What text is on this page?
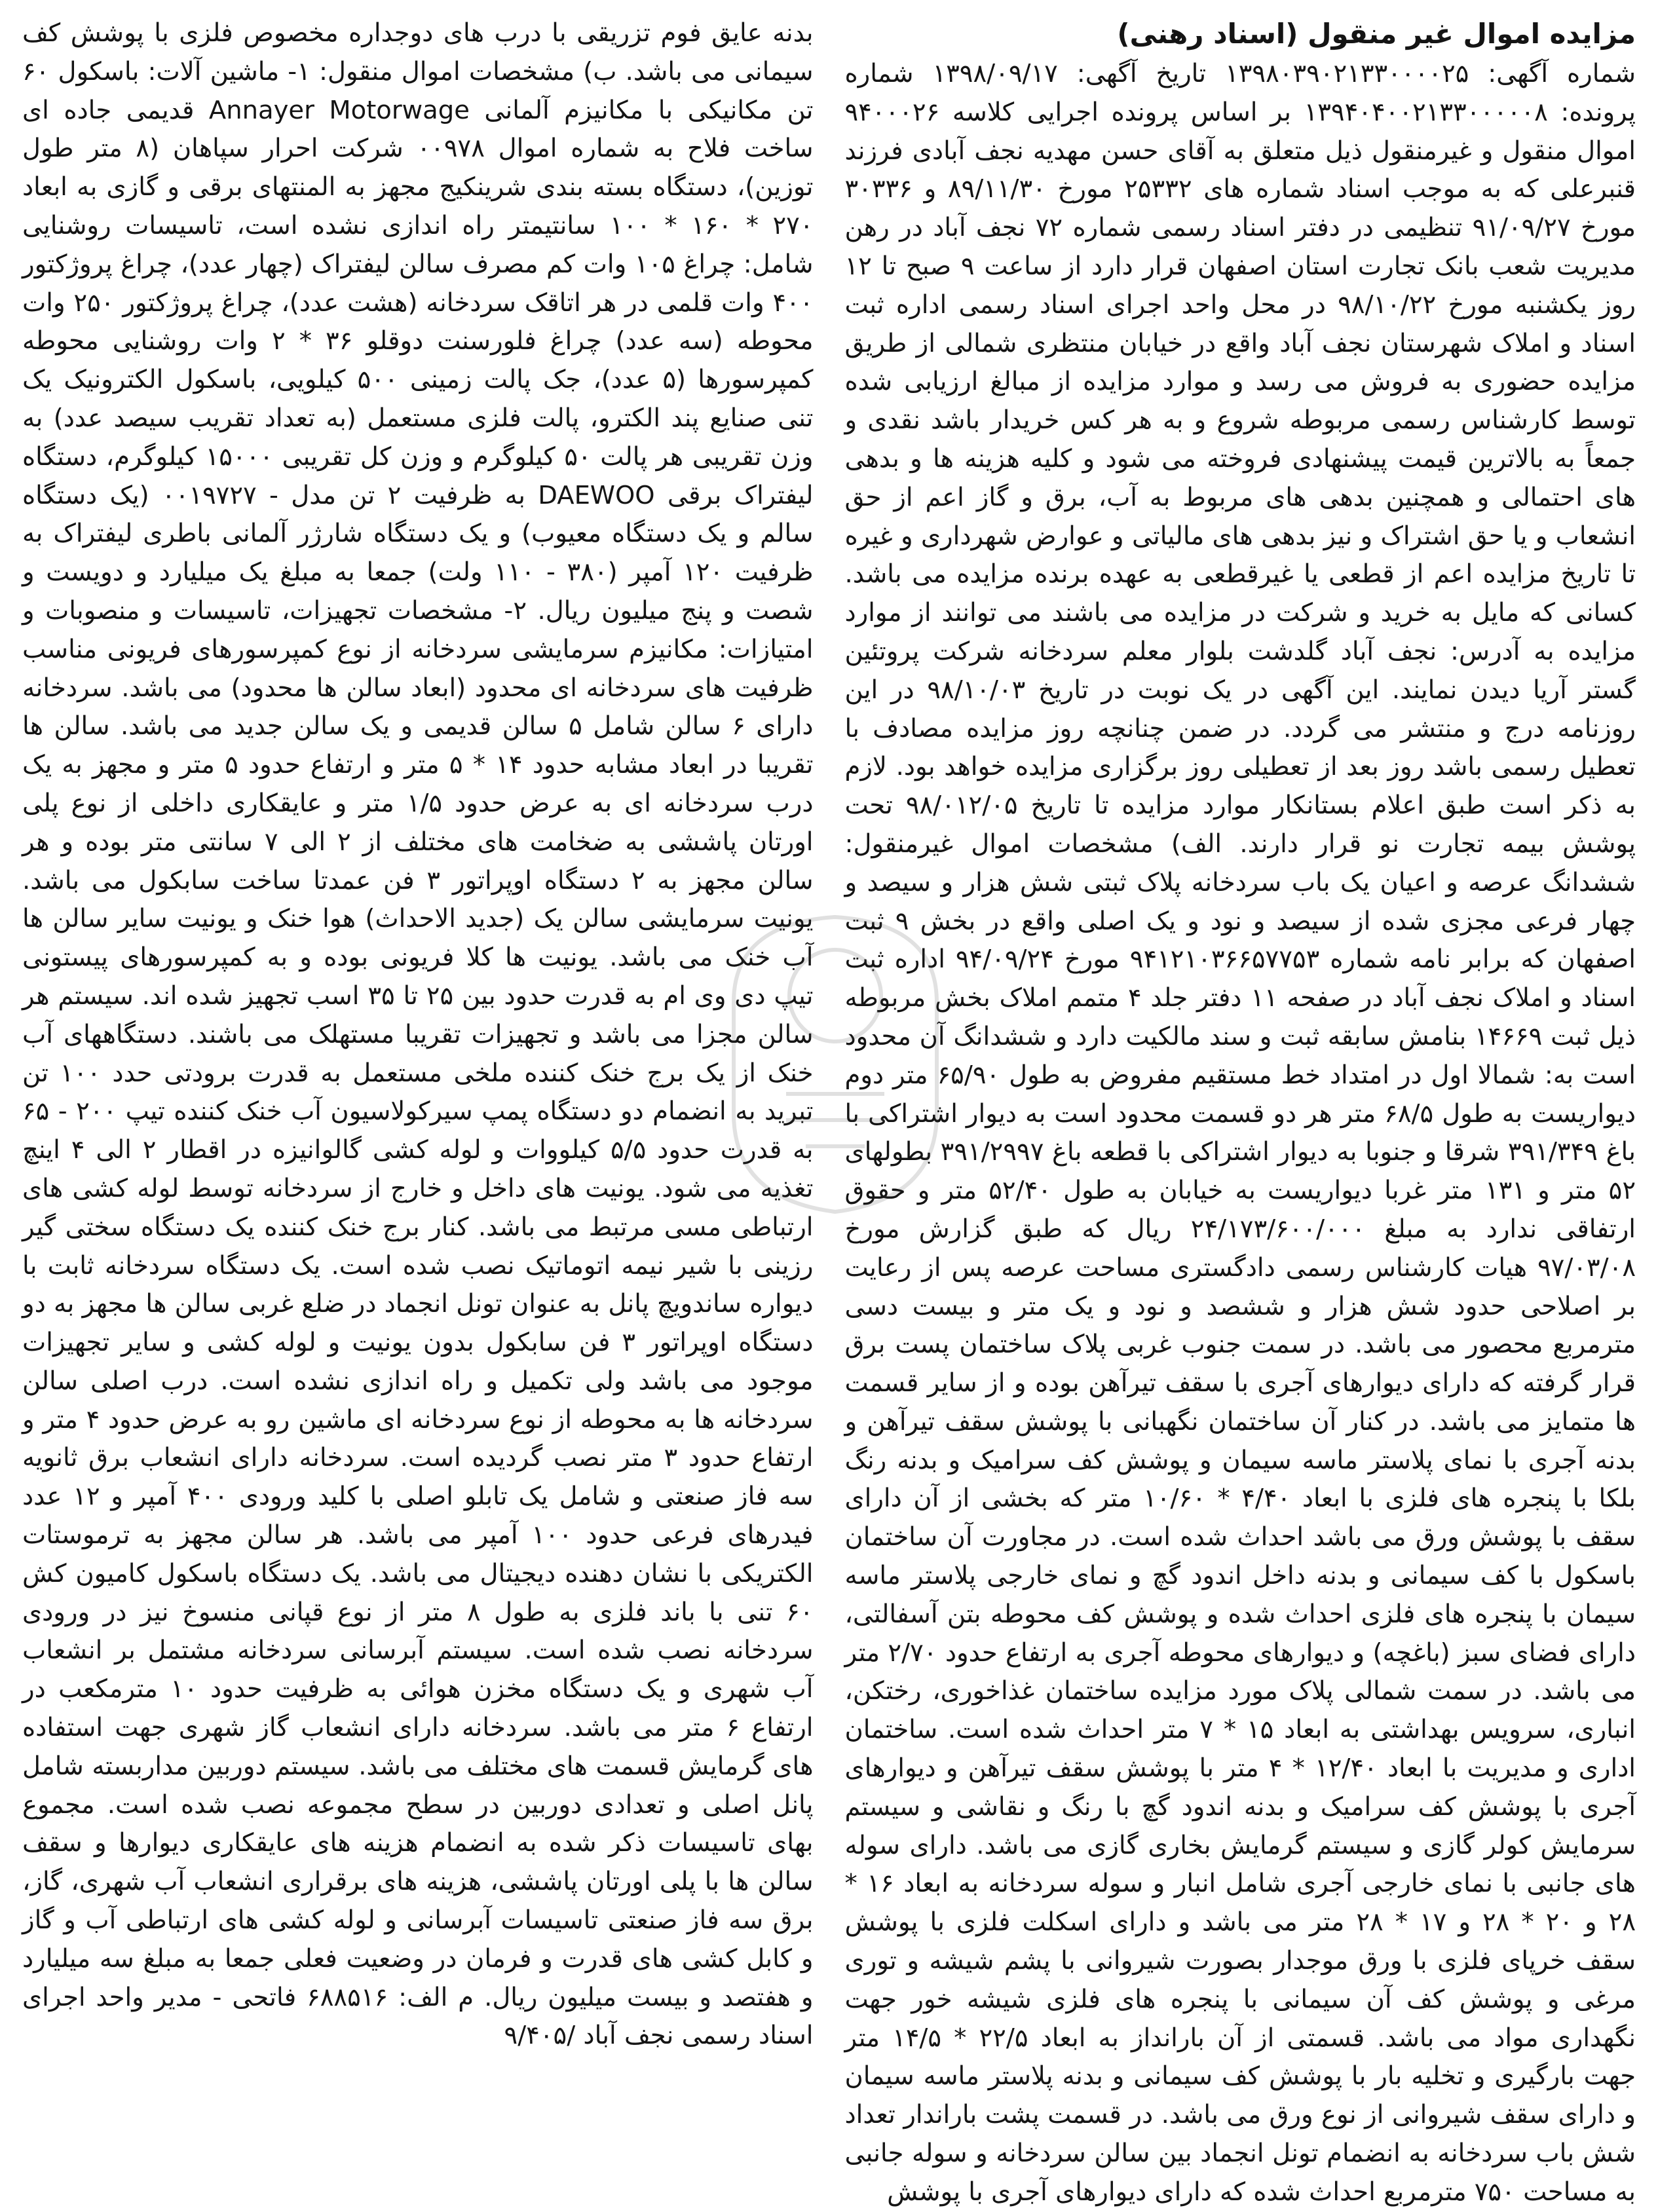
مزایده اموال غیر منقول (اسناد رهنی)

شماره آگهی: ۱۳۹۸۰۳۹۰۲۱۳۳۰۰۰۰۲۵ تاریخ آگهی: ۱۳۹۸/۰۹/۱۷ شماره پرونده: ۱۳۹۴۰۴۰۰۲۱۳۳۰۰۰۰۰۸ بر اساس پرونده اجرایی کلاسه ۹۴۰۰۰۲۶ اموال منقول و غیرمنقول ذیل متعلق به آقای حسن مهدیه نجف آبادی فرزند قنبرعلی که به موجب اسناد شماره های ۲۵۳۳۲ مورخ ۸۹/۱۱/۳۰ و ۳۰۳۳۶ مورخ ۹۱/۰۹/۲۷ تنظیمی در دفتر اسناد رسمی شماره ۷۲ نجف آباد در رهن مدیریت شعب بانک تجارت استان اصفهان قرار دارد از ساعت ۹ صبح تا ۱۲ روز یکشنبه مورخ ۹۸/۱۰/۲۲ در محل واحد اجرای اسناد رسمی اداره ثبت اسناد و املاک شهرستان نجف آباد واقع در خیابان منتظری شمالی از طریق مزایده حضوری به فروش می رسد و موارد مزایده از مبالغ ارزیابی شده توسط کارشناس رسمی مربوطه شروع و به هر کس خریدار باشد نقدی و جمعاً به بالاترین قیمت پیشنهادی فروخته می شود و کلیه هزینه ها و بدهی های احتمالی و همچنین بدهی های مربوط به آب، برق و گاز اعم از حق انشعاب و یا حق اشتراک و نیز بدهی های مالیاتی و عوارض شهرداری و غیره تا تاریخ مزایده اعم از قطعی یا غیرقطعی به عهده برنده مزایده می باشد. کسانی که مایل به خرید و شرکت در مزایده می باشند می توانند از موارد مزایده به آدرس: نجف آباد گلدشت بلوار معلم سردخانه شرکت پروتئین گستر آریا دیدن نمایند. این آگهی در یک نوبت در تاریخ ۹۸/۱۰/۰۳ در این روزنامه درج و منتشر می گردد. در ضمن چنانچه روز مزایده مصادف با تعطیل رسمی باشد روز بعد از تعطیلی روز برگزاری مزایده خواهد بود. لازم به ذکر است طبق اعلام بستانکار موارد مزایده تا تاریخ ۹۸/۰۱۲/۰۵ تحت پوشش بیمه تجارت نو قرار دارند. الف) مشخصات اموال غیرمنقول: ششدانگ عرصه و اعیان یک باب سردخانه پلاک ثبتی شش هزار و سیصد و چهار فرعی مجزی شده از سیصد و نود و یک اصلی واقع در بخش ۹ ثبت اصفهان که برابر نامه شماره ۹۴۱۲۱۰۳۶۶۵۷۷۵۳ مورخ ۹۴/۰۹/۲۴ اداره ثبت اسناد و املاک نجف آباد در صفحه ۱۱ دفتر جلد ۴ متمم املاک بخش مربوطه ذیل ثبت ۱۴۶۶۹ بنامش سابقه ثبت و سند مالکیت دارد و ششدانگ آن محدود است به: شمالا اول در امتداد خط مستقیم مفروض به طول ۶۵/۹۰ متر دوم دیواریست به طول ۶۸/۵ متر هر دو قسمت محدود است به دیوار اشتراکی با باغ ۳۹۱/۳۴۹ شرقا و جنوبا به دیوار اشتراکی با قطعه باغ ۳۹۱/۲۹۹۷ بطولهای ۵۲ متر و ۱۳۱ متر غربا دیواریست به خیابان به طول ۵۲/۴۰ متر و حقوق ارتفاقی ندارد به مبلغ ۲۴/۱۷۳/۶۰۰/۰۰۰ ریال که طبق گزارش مورخ ۹۷/۰۳/۰۸ هیات کارشناس رسمی دادگستری مساحت عرصه پس از رعایت بر اصلاحی حدود شش هزار و ششصد و نود و یک متر و بیست دسی مترمربع محصور می باشد. در سمت جنوب غربی پلاک ساختمان پست برق قرار گرفته که دارای دیوارهای آجری با سقف تیرآهن بوده و از سایر قسمت ها متمایز می باشد. در کنار آن ساختمان نگهبانی با پوشش سقف تیرآهن و بدنه آجری با نمای پلاستر ماسه سیمان و پوشش کف سرامیک و بدنه رنگ بلکا با پنجره های فلزی با ابعاد ۴/۴۰ * ۱۰/۶۰ متر که بخشی از آن دارای سقف با پوشش ورق می باشد احداث شده است. در مجاورت آن ساختمان باسکول با کف سیمانی و بدنه داخل اندود گچ و نمای خارجی پلاستر ماسه سیمان با پنجره های فلزی احداث شده و پوشش کف محوطه بتن آسفالتی، دارای فضای سبز (باغچه) و دیوارهای محوطه آجری به ارتفاع حدود ۲/۷۰ متر می باشد. در سمت شمالی پلاک مورد مزایده ساختمان غذاخوری، رختکن، انباری، سرویس بهداشتی به ابعاد ۱۵ * ۷ متر احداث شده است. ساختمان اداری و مدیریت با ابعاد ۱۲/۴۰ * ۴ متر با پوشش سقف تیرآهن و دیوارهای آجری با پوشش کف سرامیک و بدنه اندود گچ با رنگ و نقاشی و سیستم سرمایش کولر گازی و سیستم گرمایش بخاری گازی می باشد. دارای سوله های جانبی با نمای خارجی آجری شامل انبار و سوله سردخانه به ابعاد ۱۶ * ۲۸ و ۲۰ * ۲۸ و ۱۷ * ۲۸ متر می باشد و دارای اسکلت فلزی با پوشش سقف خرپای فلزی با ورق موجدار بصورت شیروانی با پشم شیشه و توری مرغی و پوشش کف آن سیمانی با پنجره های فلزی شیشه خور جهت نگهداری مواد می باشد. قسمتی از آن بارانداز به ابعاد ۲۲/۵ * ۱۴/۵ متر جهت بارگیری و تخلیه بار با پوشش کف سیمانی و بدنه پلاستر ماسه سیمان و دارای سقف شیروانی از نوع ورق می باشد. در قسمت پشت باراندار تعداد شش باب سردخانه به انضمام تونل انجماد بین سالن سردخانه و سوله جانبی به مساحت ۷۵۰ مترمربع احداث شده که دارای دیوارهای آجری با پوشش

بدنه عایق فوم تزریقی با درب های دوجداره مخصوص فلزی با پوشش کف سیمانی می باشد. ب) مشخصات اموال منقول: ۱- ماشین آلات: باسکول ۶۰ تن مکانیکی با مکانیزم آلمانی Annayer Motorwage قدیمی جاده ای ساخت فلاح به شماره اموال ۰۰۹۷۸ شرکت احرار سپاهان (۸ متر طول توزین)، دستگاه بسته بندی شرینکیج مجهز به المنتهای برقی و گازی به ابعاد ۲۷۰ * ۱۶۰ * ۱۰۰ سانتیمتر راه اندازی نشده است، تاسیسات روشنایی شامل: چراغ ۱۰۵ وات کم مصرف سالن لیفتراک (چهار عدد)، چراغ پروژکتور ۴۰۰ وات قلمی در هر اتاقک سردخانه (هشت عدد)، چراغ پروژکتور ۲۵۰ وات محوطه (سه عدد) چراغ فلورسنت دوقلو ۳۶ * ۲ وات روشنایی محوطه کمپرسورها (۵ عدد)، جک پالت زمینی ۵۰۰ کیلویی، باسکول الکترونیک یک تنی صنایع پند الکترو، پالت فلزی مستعمل (به تعداد تقریب سیصد عدد) به وزن تقریبی هر پالت ۵۰ کیلوگرم و وزن کل تقریبی ۱۵۰۰۰ کیلوگرم، دستگاه لیفتراک برقی DAEWOO به ظرفیت ۲ تن مدل - ۰۰۱۹۷۲۷ (یک دستگاه سالم و یک دستگاه معیوب) و یک دستگاه شارژر آلمانی باطری لیفتراک به ظرفیت ۱۲۰ آمپر (۳۸۰ - ۱۱۰ ولت) جمعا به مبلغ یک میلیارد و دویست و شصت و پنج میلیون ریال. ۲- مشخصات تجهیزات، تاسیسات و منصوبات و امتیازات: مکانیزم سرمایشی سردخانه از نوع کمپرسورهای فریونی مناسب ظرفیت های سردخانه ای محدود (ابعاد سالن ها محدود) می باشد. سردخانه دارای ۶ سالن شامل ۵ سالن قدیمی و یک سالن جدید می باشد. سالن ها تقریبا در ابعاد مشابه حدود ۱۴ * ۵ متر و ارتفاع حدود ۵ متر و مجهز به یک درب سردخانه ای به عرض حدود ۱/۵ متر و عایقکاری داخلی از نوع پلی اورتان پاششی به ضخامت های مختلف از ۲ الی ۷ سانتی متر بوده و هر سالن مجهز به ۲ دستگاه اوپراتور ۳ فن عمدتا ساخت سابکول می باشد. یونیت سرمایشی سالن یک (جدید الاحداث) هوا خنک و یونیت سایر سالن ها آب خنک می باشد. یونیت ها کلا فریونی بوده و به کمپرسورهای پیستونی تیپ دی وی ام به قدرت حدود بین ۲۵ تا ۳۵ اسب تجهیز شده اند. سیستم هر سالن مجزا می باشد و تجهیزات تقریبا مستهلک می باشند. دستگاههای آب خنک از یک برج خنک کننده ملخی مستعمل به قدرت برودتی حدد ۱۰۰ تن تبرید به انضمام دو دستگاه پمپ سیرکولاسیون آب خنک کننده تیپ ۲۰۰ - ۶۵ به قدرت حدود ۵/۵ کیلووات و لوله کشی گالوانیزه در اقطار ۲ الی ۴ اینچ تغذیه می شود. یونیت های داخل و خارج از سردخانه توسط لوله کشی های ارتباطی مسی مرتبط می باشد. کنار برج خنک کننده یک دستگاه سختی گیر رزینی با شیر نیمه اتوماتیک نصب شده است. یک دستگاه سردخانه ثابت با دیواره ساندویچ پانل به عنوان تونل انجماد در ضلع غربی سالن ها مجهز به دو دستگاه اوپراتور ۳ فن سابکول بدون یونیت و لوله کشی و سایر تجهیزات موجود می باشد ولی تکمیل و راه اندازی نشده است. درب اصلی سالن سردخانه ها به محوطه از نوع سردخانه ای ماشین رو به عرض حدود ۴ متر و ارتفاع حدود ۳ متر نصب گردیده است. سردخانه دارای انشعاب برق ثانویه سه فاز صنعتی و شامل یک تابلو اصلی با کلید ورودی ۴۰۰ آمپر و ۱۲ عدد فیدرهای فرعی حدود ۱۰۰ آمپر می باشد. هر سالن مجهز به ترموستات الکتریکی با نشان دهنده دیجیتال می باشد. یک دستگاه باسکول کامیون کش ۶۰ تنی با باند فلزی به طول ۸ متر از نوع قپانی منسوخ نیز در ورودی سردخانه نصب شده است. سیستم آبرسانی سردخانه مشتمل بر انشعاب آب شهری و یک دستگاه مخزن هوائی به ظرفیت حدود ۱۰ مترمکعب در ارتفاع ۶ متر می باشد. سردخانه دارای انشعاب گاز شهری جهت استفاده های گرمایش قسمت های مختلف می باشد. سیستم دوربین مداربسته شامل پانل اصلی و تعدادی دوربین در سطح مجموعه نصب شده است. مجموع بهای تاسیسات ذکر شده به انضمام هزینه های عایقکاری دیوارها و سقف سالن ها با پلی اورتان پاششی، هزینه های برقراری انشعاب آب شهری، گاز، برق سه فاز صنعتی تاسیسات آبرسانی و لوله کشی های ارتباطی آب و گاز و کابل کشی های قدرت و فرمان در وضعیت فعلی جمعا به مبلغ سه میلیارد و هفتصد و بیست میلیون ریال. م الف: ۶۸۸۵۱۶ فاتحی - مدیر واحد اجرای اسناد رسمی نجف آباد /۹/۴۰۵
